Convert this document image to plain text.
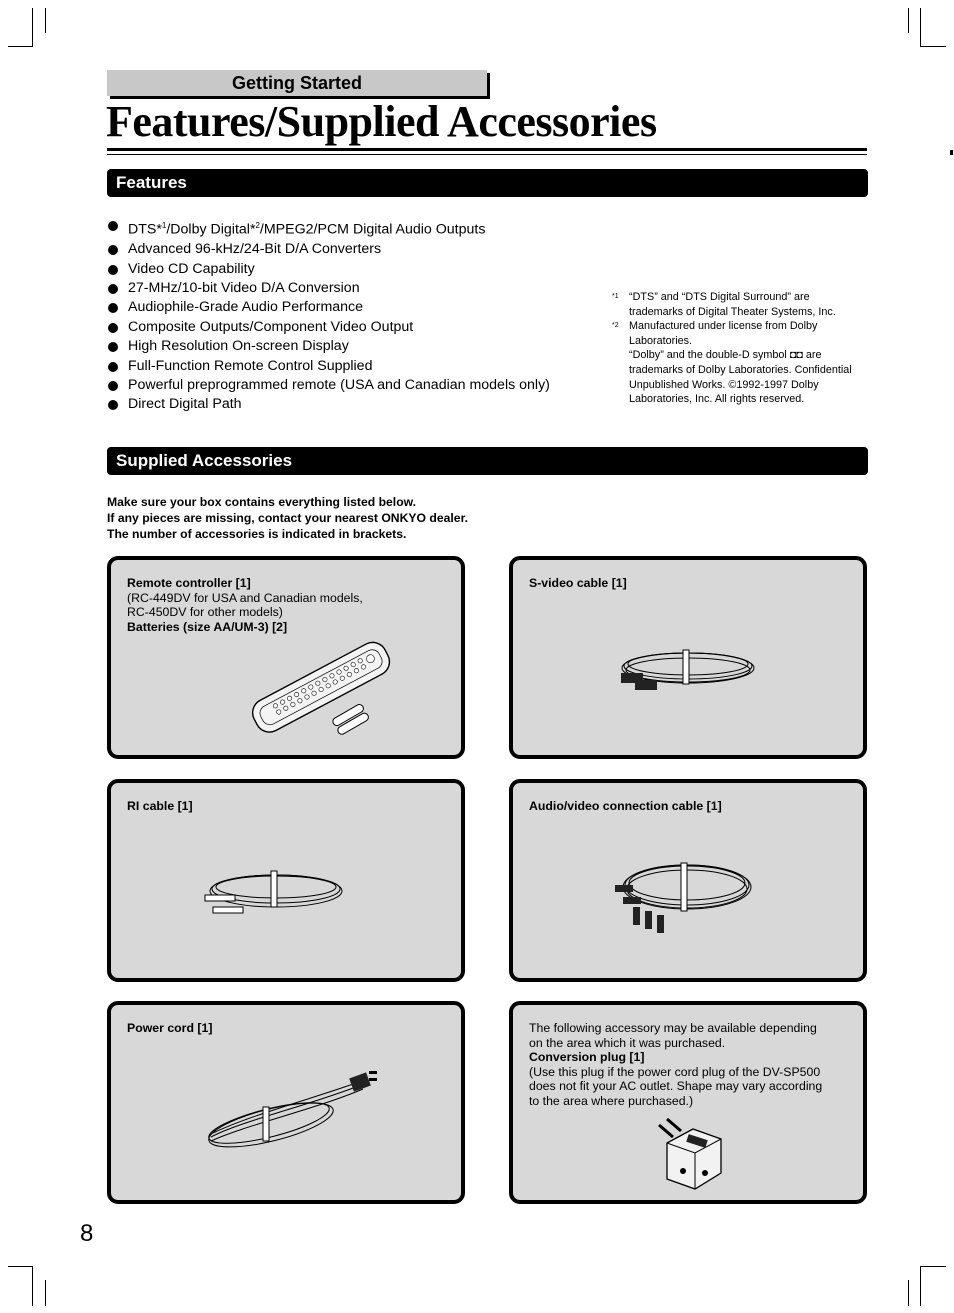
Getting Started
Features/Supplied Accessories
Features
DTS*$^1$/Dolby Digital*$^2$/MPEG2/PCM Digital Audio Outputs
Advanced 96-kHz/24-Bit D/A Converters
Video CD Capability
27-MHz/10-bit Video D/A Conversion
Audiophile-Grade Audio Performance
Composite Outputs/Component Video Output
High Resolution On-screen Display
Full-Function Remote Control Supplied
Powerful preprogrammed remote (USA and Canadian models only)
Direct Digital Path
*1 “DTS” and “DTS Digital Surround” are
trademarks of Digital Theater Systems, Inc.
*2 Manufactured under license from Dolby
Laboratories.
“Dolby” and the double-D symbol ◘◘ are
trademarks of Dolby Laboratories. Confidential
Unpublished Works. ©1992-1997 Dolby
Laboratories, Inc. All rights reserved.
Supplied Accessories
Make sure your box contains everything listed below.
If any pieces are missing, contact your nearest ONKYO dealer.
The number of accessories is indicated in brackets.
Remote controller [1]
(RC-449DV for USA and Canadian models,
RC-450DV for other models)
Batteries (size AA/UM-3) [2]
S-video cable [1]
RI cable [1]	Audio/video connection cable [1]
Power cord [1]	The following accessory may be available depending
on the area which it was purchased.
Conversion plug [1]
(Use this plug if the power cord plug of the DV-SP500
does not fit your AC outlet. Shape may vary according
to the area where purchased.)
8
